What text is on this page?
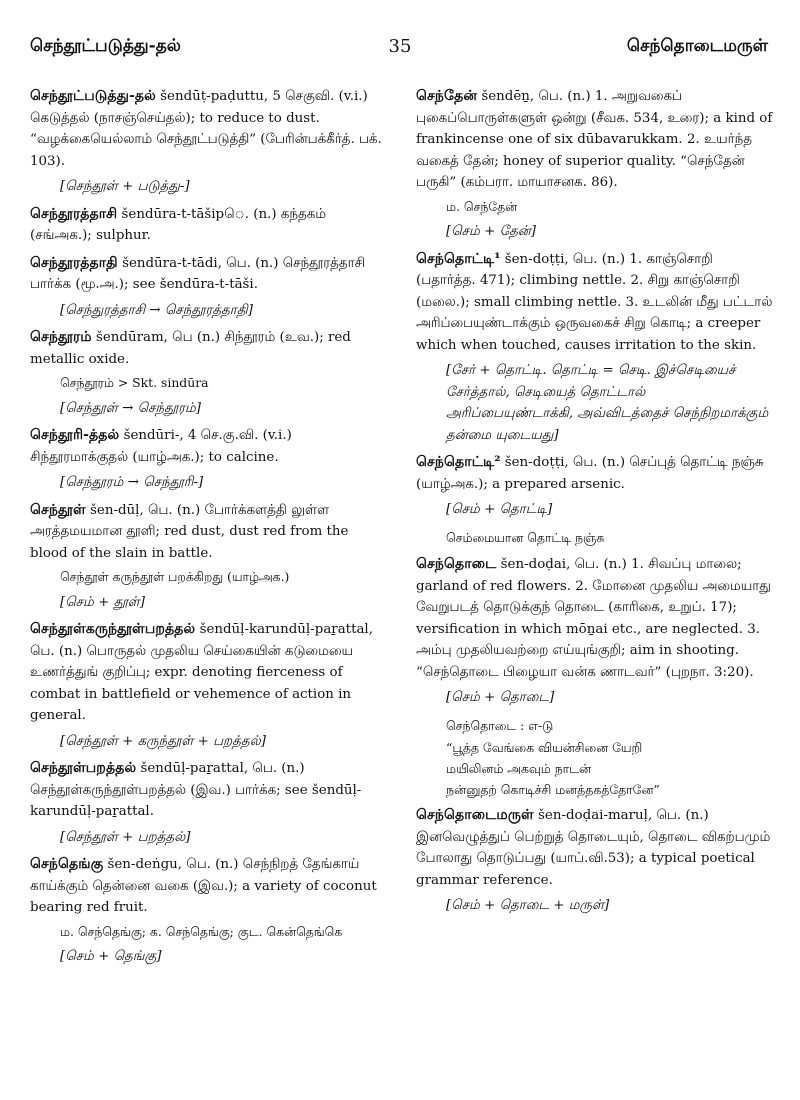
செந்தூட்படுத்து-தல்	35	செந்தொடைமருள்
செந்தூட்படுத்து-தல் šendūṭ-paḍuttu, 5 செகுவி. (v.i.) கெடுத்தல் (நாசஞ்செய்தல்); to reduce to dust. “வழக்கையெல்லாம் செந்தூட்படுத்தி” (பேரின்பக்கீர்த். பக். 103).
[செந்தூள் + படுத்து-]
செந்தூரத்தாசி šendūra-t-tāšipெ. (n.) கந்தகம் (சங்அக.); sulphur.
செந்தூரத்தாதி šendūra-t-tādi, பெ. (n.) செந்தூரத்தாசி பார்க்க (மூ.அ.); see šendūra-t-tāši.
[செந்துரத்தாசி → செந்தூரத்தாதி]
செந்தூரம் šendūram, பெ (n.) சிந்தூரம் (உவ.); red metallic oxide.
செந்தூரம் > Skt. sindūra
[செந்தூள் → செந்தூரம்]
செந்தூரி-த்தல் šendūri-, 4 செ.கு.வி. (v.i.) சிந்தூரமாக்குதல் (யாழ்அக.); to calcine.
[செந்தூரம் → செந்தூரி-]
செந்தூள் šen-dūḷ, பெ. (n.) போர்க்களத்தி லுள்ள அரத்தமயமான தூளி; red dust, dust red from the blood of the slain in battle.
செந்தூள் கருந்தூள் பறக்கிறது (யாழ்அக.)
[செம் + தூள்]
செந்தூள்கருந்தூள்பறத்தல் šendūḷ-karundūḷ-paṟattal, பெ. (n.) பொருதல் முதலிய செய்கையின் கடுமையை உணர்த்துங் குறிப்பு; expr. denoting fierceness of combat in battlefield or vehemence of action in general.
[செந்தூள் + கருந்தூள் + பறத்தல்]
செந்தூள்பறத்தல் šendūḷ-paṟattal, பெ. (n.) செந்தூள்கருந்தூள்பறத்தல் (இவ.) பார்க்க; see šendūḷ-karundūḷ-paṟattal.
[செந்தூள் + பறத்தல்]
செந்தெங்கு šen-deṅgu, பெ. (n.) செந்நிறத் தேங்காய் காய்க்கும் தென்னை வகை (இவ.); a variety of coconut bearing red fruit.
ம. செந்தெங்கு; க. செந்தெங்கு; குட. கென்தெங்கெ
[செம் + தெங்கு]
செந்தேன் šendēṉ, பெ. (n.) 1. அறுவகைப் புகைப்பொருள்களுள் ஒன்று (சீவக. 534, உரை); a kind of frankincense one of six dūbavarukkam. 2. உயர்ந்த வகைத் தேன்; honey of superior quality. “செந்தேன் பருகி” (கம்பரா. மாயாசனக. 86).
ம. செந்தேன்
[செம் + தேன்]
செந்தொட்டி¹ šen-doṭṭi, பெ. (n.) 1. காஞ்சொறி (பதார்த்த. 471); climbing nettle. 2. சிறு காஞ்சொறி (மலை.); small climbing nettle. 3. உடலின் மீது பட்டால் அரிப்பையுண்டாக்கும் ஒருவகைச் சிறு கொடி; a creeper which when touched, causes irritation to the skin.
[சேர் + தொட்டி. தொட்டி = செடி. இச்செடியைச் சேர்த்தால், செடியைத் தொட்டால் அரிப்பையுண்டாக்கி, அவ்விடத்தைச் செந்நிறமாக்கும் தன்மை யுடையது]
செந்தொட்டி² šen-doṭṭi, பெ. (n.) செப்புத் தொட்டி நஞ்சு (யாழ்அக.); a prepared arsenic.
[செம் + தொட்டி]
செம்மையான தொட்டி நஞ்சு
செந்தொடை šen-doḍai, பெ. (n.) 1. சிவப்பு மாலை; garland of red flowers. 2. மோனை முதலிய அமையாது வேறுபடத் தொடுக்குந் தொடை (காரிகை, உறுப். 17); versification in which mōṉai etc., are neglected. 3. அம்பு முதலியவற்றை எய்யுங்குறி; aim in shooting. “செந்தொடை பிழையா வன்க ணாடவர்” (புறநா. 3:20).
[செம் + தொடை]
செந்தொடை : எ-டு
“பூத்த வேங்கை வியன்சினை யேறி
மயிலினம் அகவும் நாடன்
நன்னுதற் கொடிச்சி மனத்தகத்தோனே”
செந்தொடைமருள் šen-doḍai-maruḷ, பெ. (n.) இனவெழுத்துப் பெற்றுத் தொடையும், தொடை விகற்பமும் போலாது தொடுப்பது (யாப்.வி.53); a typical poetical grammar reference.
[செம் + தொடை + மருள்]
